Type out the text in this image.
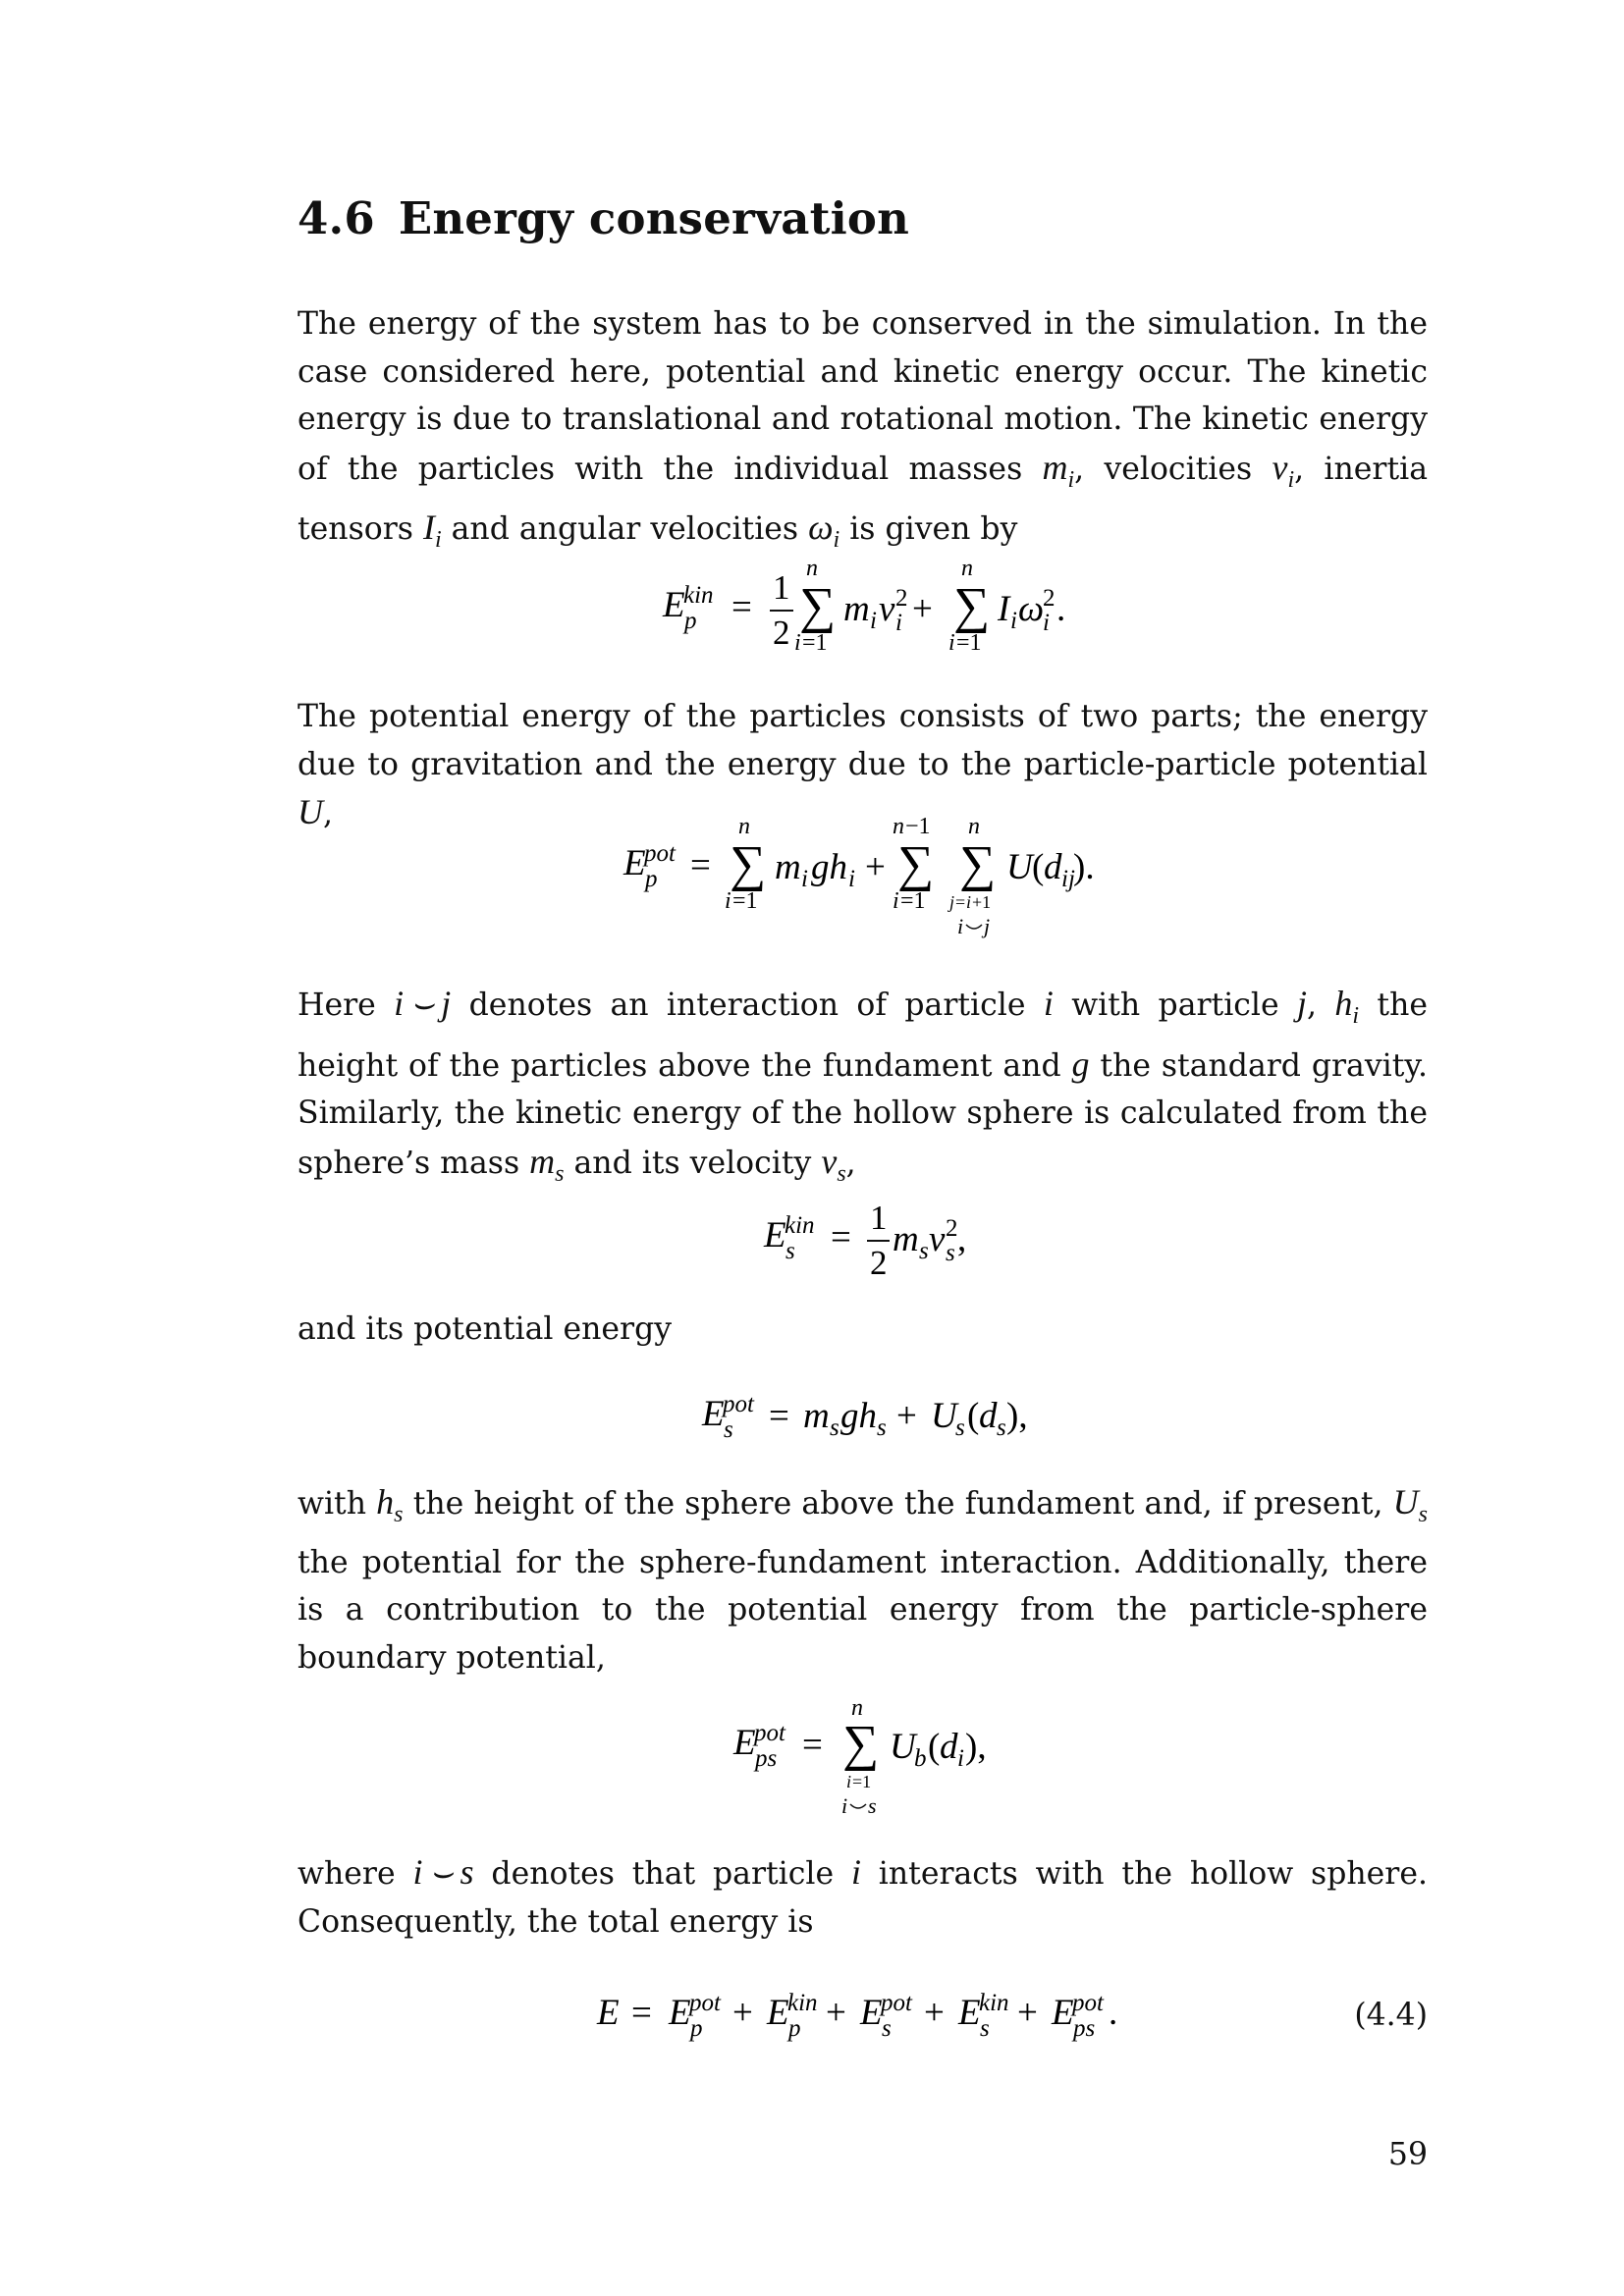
4.6 Energy conservation

The energy of the system has to be conserved in the simulation. In the case considered here, potential and kinetic energy occur. The kinetic energy is due to translational and rotational motion. The kinetic energy of the particles with the individual masses $m_i$, velocities $v_i$, inertia tensors $I_i$ and angular velocities $\omega_i$ is given by

E
kin
p = 1
2
n
∑
i =1
m i v 2
i +
n
∑
i =1
I i ω
2
i .

The potential energy of the particles consists of two parts; the energy due to gravitation and the energy due to the particle-particle potential U,

E
pot
p =
n
∑
i =1
m i gh i +
n −1
∑
i =1
n
∑
j = i +1
i j
U ( d ij
).

Here i ⌣ j denotes an interaction of particle i with particle j, $h_i$ the height of the particles above the fundament and g the standard gravity. Similarly, the kinetic energy of the hollow sphere is calculated from the sphere’s mass $m_s$ and its velocity $v_s$,

E
kin
s = 1
2
m s v 2
s ,

and its potential energy

E
pot
s = m s gh s + U
s ( d s ),

with $h_s$ the height of the sphere above the fundament and, if present, $U_s$ the potential for the sphere-fundament interaction. Additionally, there is a contribution to the potential energy from the particle-sphere boundary potential,

E
pot
ps =
n
∑
i =1
i s
U
b ( d i ),

where i ⌣ s denotes that particle i interacts with the hollow sphere. Consequently, the total energy is

E = E
pot
p + E
kin
p + E
pot
s + E
kin
s + E
pot
ps .	(4.4)
59
